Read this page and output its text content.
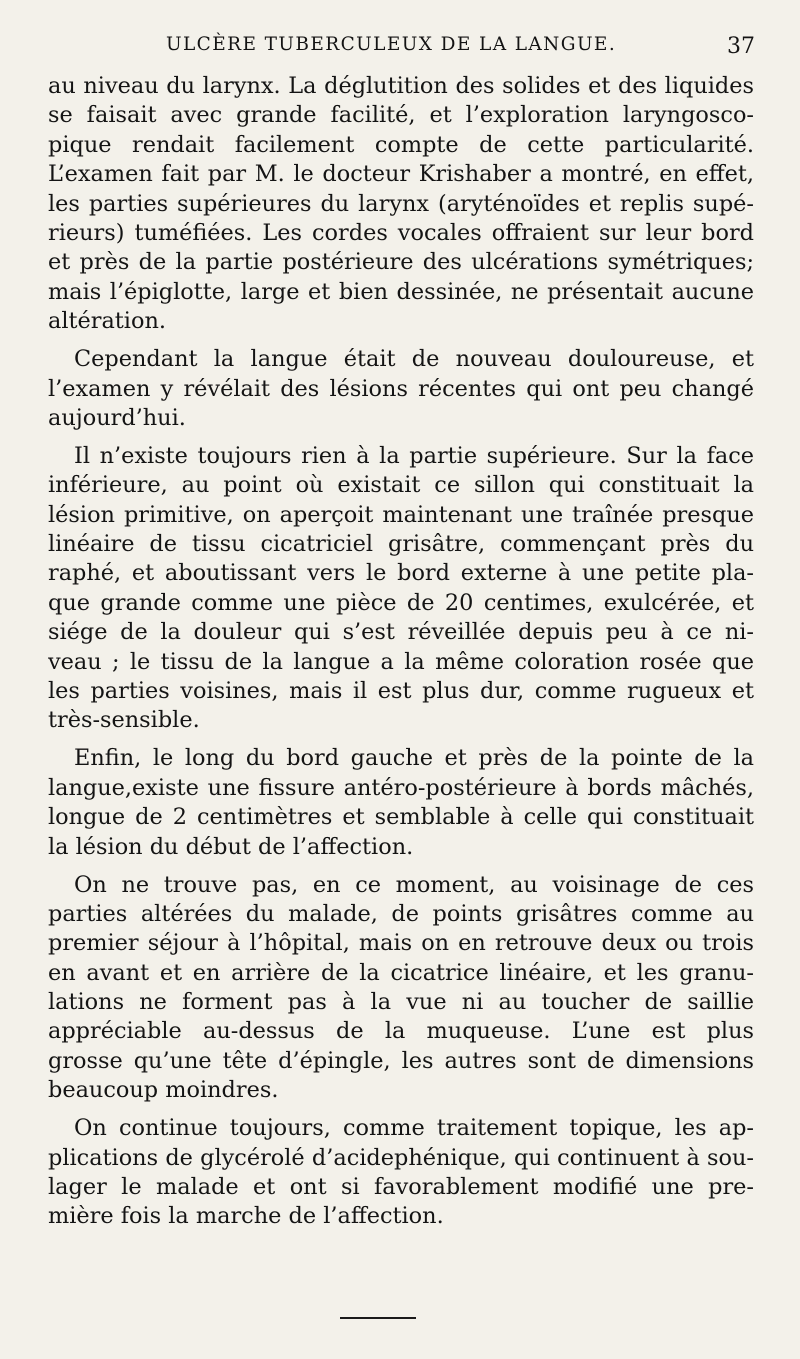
ULCÈRE TUBERCULEUX DE LA LANGUE.	37

au niveau du larynx. La déglutition des solides et des liquides
se faisait avec grande facilité, et l’exploration laryngosco-
pique rendait facilement compte de cette particularité.
L’examen fait par M. le docteur Krishaber a montré, en effet,
les parties supérieures du larynx (aryténoïdes et replis supé-
rieurs) tuméfiées. Les cordes vocales offraient sur leur bord
et près de la partie postérieure des ulcérations symétriques;
mais l’épiglotte, large et bien dessinée, ne présentait aucune
altération.

Cependant la langue était de nouveau douloureuse, et
l’examen y révélait des lésions récentes qui ont peu changé
aujourd’hui.

Il n’existe toujours rien à la partie supérieure. Sur la face
inférieure, au point où existait ce sillon qui constituait la
lésion primitive, on aperçoit maintenant une traînée presque
linéaire de tissu cicatriciel grisâtre, commençant près du
raphé, et aboutissant vers le bord externe à une petite pla-
que grande comme une pièce de 20 centimes, exulcérée, et
siége de la douleur qui s’est réveillée depuis peu à ce ni-
veau ; le tissu de la langue a la même coloration rosée que
les parties voisines, mais il est plus dur, comme rugueux et
très-sensible.

Enfin, le long du bord gauche et près de la pointe de la
langue,existe une fissure antéro-postérieure à bords mâchés,
longue de 2 centimètres et semblable à celle qui constituait
la lésion du début de l’affection.

On ne trouve pas, en ce moment, au voisinage de ces
parties altérées du malade, de points grisâtres comme au
premier séjour à l’hôpital, mais on en retrouve deux ou trois
en avant et en arrière de la cicatrice linéaire, et les granu-
lations ne forment pas à la vue ni au toucher de saillie
appréciable au-dessus de la muqueuse. L’une est plus
grosse qu’une tête d’épingle, les autres sont de dimensions
beaucoup moindres.

On continue toujours, comme traitement topique, les ap-
plications de glycérolé d’acidephénique, qui continuent à sou-
lager le malade et ont si favorablement modifié une pre-
mière fois la marche de l’affection.
